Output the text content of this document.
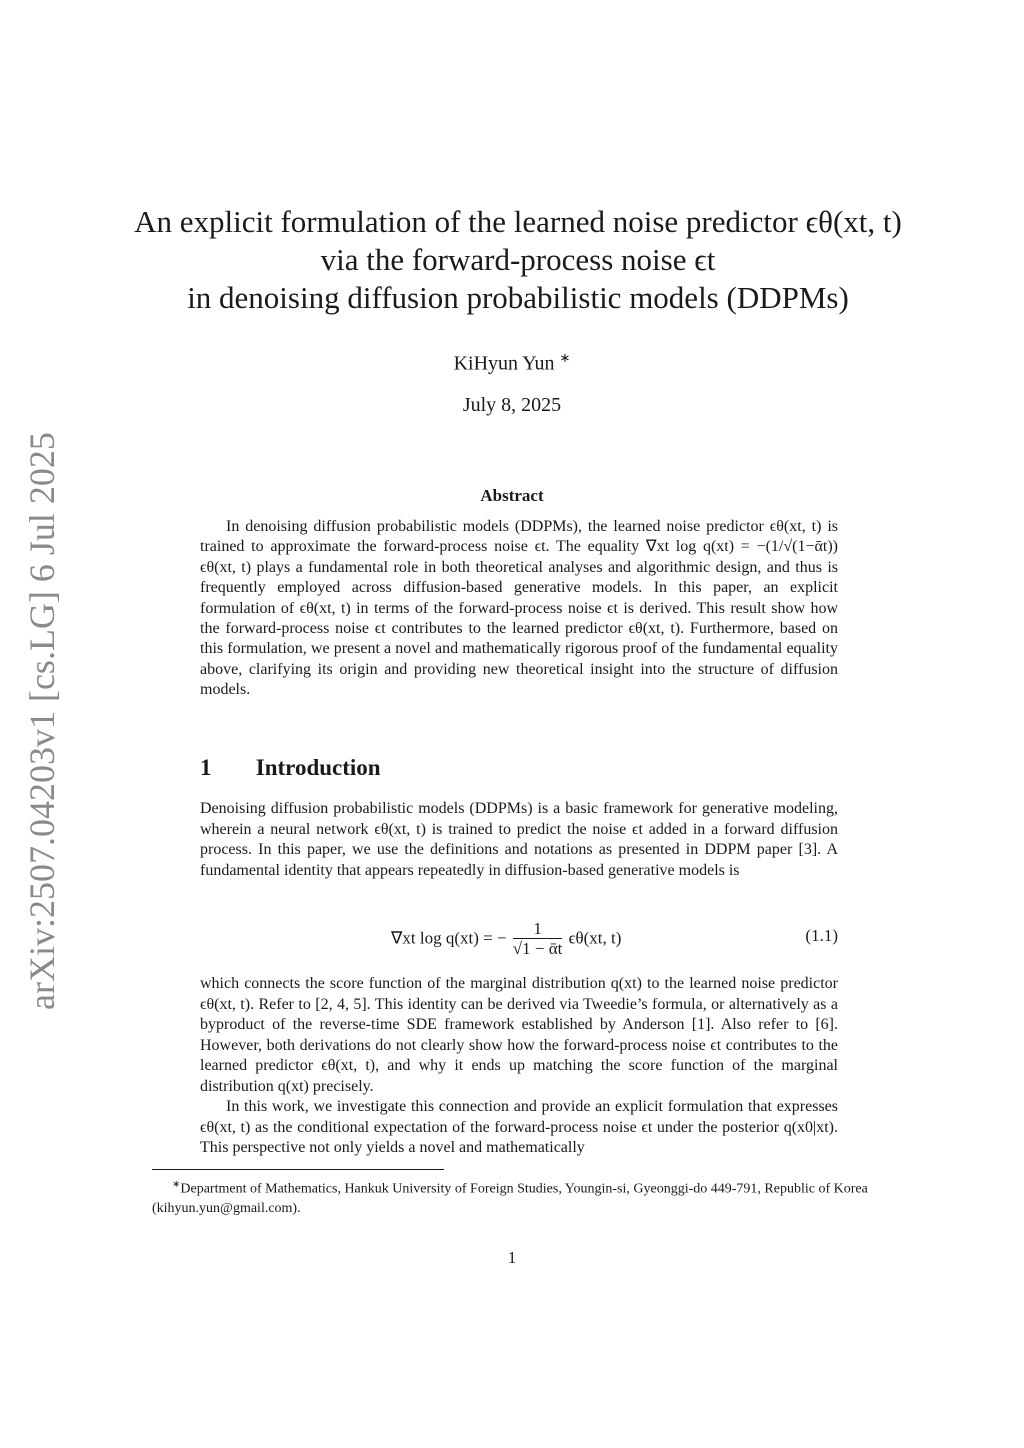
arXiv:2507.04203v1 [cs.LG] 6 Jul 2025
An explicit formulation of the learned noise predictor ϵθ(xt, t)
via the forward-process noise ϵt
in denoising diffusion probabilistic models (DDPMs)
KiHyun Yun ∗
July 8, 2025
Abstract

In denoising diffusion probabilistic models (DDPMs), the learned noise predictor ϵθ(xt, t) is trained to approximate the forward-process noise ϵt. The equality ∇xt log q(xt) = −(1/√(1−ᾱt)) ϵθ(xt, t) plays a fundamental role in both theoretical analyses and algorithmic design, and thus is frequently employed across diffusion-based generative models. In this paper, an explicit formulation of ϵθ(xt, t) in terms of the forward-process noise ϵt is derived. This result show how the forward-process noise ϵt contributes to the learned predictor ϵθ(xt, t). Furthermore, based on this formulation, we present a novel and mathematically rigorous proof of the fundamental equality above, clarifying its origin and providing new theoretical insight into the structure of diffusion models.

1 Introduction

Denoising diffusion probabilistic models (DDPMs) is a basic framework for generative modeling, wherein a neural network ϵθ(xt, t) is trained to predict the noise ϵt added in a forward diffusion process. In this paper, we use the definitions and notations as presented in DDPM paper [3]. A fundamental identity that appears repeatedly in diffusion-based generative models is

∇xt log q(xt) = − $\frac{1}{\text{√1 − ᾱt}} \epsilon\theta(xt$, t)	(1.1)

which connects the score function of the marginal distribution q(xt) to the learned noise predictor ϵθ(xt, t). Refer to [2, 4, 5]. This identity can be derived via Tweedie’s formula, or alternatively as a byproduct of the reverse-time SDE framework established by Anderson [1]. Also refer to [6]. However, both derivations do not clearly show how the forward-process noise ϵt contributes to the learned predictor ϵθ(xt, t), and why it ends up matching the score function of the marginal distribution q(xt) precisely.

In this work, we investigate this connection and provide an explicit formulation that expresses ϵθ(xt, t) as the conditional expectation of the forward-process noise ϵt under the posterior q(x0|xt). This perspective not only yields a novel and mathematically

∗Department of Mathematics, Hankuk University of Foreign Studies, Youngin-si, Gyeonggi-do 449-791, Republic of Korea (kihyun.yun@gmail.com).
1
